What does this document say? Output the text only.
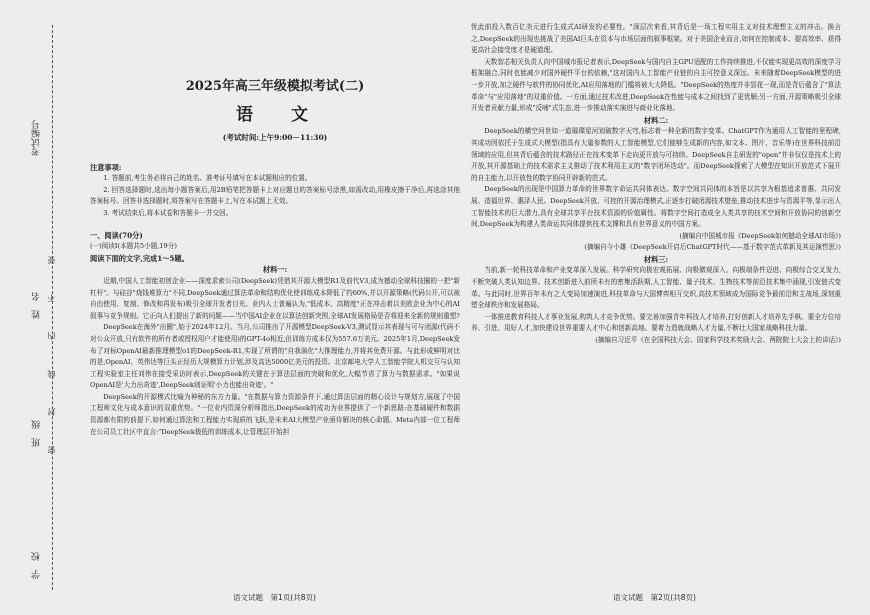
考试编号
姓　名
班　级
学　校
要
不
内
线
封
密
2025年高三年级模拟考试(二)
语 文
(考试时间:上午9:00－11:30)

注意事项:

1. 答题前,考生务必将自己的姓名、准考证号填写在本试题相应的位置。

2. 回答选择题时,选出每小题答案后,用2B铅笔把答题卡上对应题目的答案标号涂黑,如需改动,用橡皮擦干净后,再选涂其他答案标号。回答非选择题时,将答案写在答题卡上,写在本试题上无效。

3. 考试结束后,将本试卷和答题卡一并交回。

一、阅读(70分)

(一)阅读Ⅰ(本题共5小题,19分)

阅读下面的文字,完成1～5题。

材料一:

近期,中国人工智能初创企业——深度求索公司(DeepSeek)凭借其开源大模型R1及前代V3,成为撼动全球科技圈的一把"新杠杆"。与硅谷"烧钱堆算力"不同,DeepSeek通过算法革命和结构优化使训练成本降低了约60%,并以开源策略(代码公开,可以被自由使用、复制、修改和再发布)吸引全球开发者目光。业内人士普遍认为,"低成本、高精度"正在冲击着以美欧企业为中心的AI叙事与竞争规则。它正向人们提出了新的问题——当中国AI企业在以算法创新突围,全球AI发展格局是否将迎来全新的规则重塑?

DeepSeek在海外"出圈",始于2024年12月。当月,公司推出了开源模型DeepSeek-V3,测试显示其表现与可与闭源(代码不对公众开放,只有软件的所有者或授权用户才能使用)的GPT-4o相近,但训练方成本仅为557.6万美元。2025年1月,DeepSeek发布了对标OpenAI最新推理模型o1的DeepSeek-R1,实现了所谓的"自我演化"大推理能力,并将其免费开源。与此形成鲜明对比的是,OpenAI、英伟达等巨头正经历大规模算力计划,涉及高达5000亿美元的投资。北京邮电大学人工智能学院人机交互与认知工程实验室主任刘伟在接受采访时表示,DeepSeek的关键在于算法层面的突破和优化,大幅节省了算力与数据需求。"如果说OpenAI是'大力出奇迹',DeepSeek则证明'小力也能出奇迹'。"

DeepSeek的开源模式比喻为神秘的东方力量。"在数据与算力资源条件下,通过算法层面的精心设计与规划方,展现了中国工程师文化与成本意识的双重优势。"一位业内资深分析师指出,DeepSeek的成功为业界提供了一个新思路:在基础硬件和数据资源都有限的前提下,如何通过算法和工程能力实现质的飞跃,是未来AI大模型产业亟待解决的核心命题。Meta内部一位工程师在公司员工社区中直言:"DeepSeek极低的训练成本,让管理层开始担

忧此前投入数百亿美元进行生成式AI研发的必要性。"深层次来看,其背后是一场工程实用主义对技术理想主义的冲击。换言之,DeepSeek的出现也挑战了美国AI巨头在资本与市场层面的叙事框架。对于美国企业而言,如何在控制成本、提高效率、获得更高社会接受度才是硬道理。

天数智芯相关负责人向中国城市报记者表示,DeepSeek与国内自主GPU适配的工作持续推进,不仅能实现更高效的深度学习框架融合,同时也能减少对国外硬件平台的依赖,"这对国内人工智能产业链的自主可控意义深远。未来随着DeepSeek模型的进一步开放,加之硬件与软件的协同优化,AI应用落地的门槛将被大大降低。"DeepSeek的热度并非昙花一现,而是背后蕴含了"算法革命"与"应用落地"的双重价值。一方面,通过技术改进,DeepSeek在性能与成本之间找到了更优解;另一方面,开源策略吸引全球开发者贡献力量,形成"反哺"式生态,进一步推动落实演进与商业化落地。

材料二:

DeepSeek的横空问世如一道璀璨星河划破数字天穹,标志着一种全新的数字变革。ChatGPT作为通用人工智能的里程碑,其成功因依托于生成式大模型(指具有大量参数的人工智能模型,它们能够生成新的内容,如文本、图片、音乐等)在世界科技前沿领域的应用,但其背后蕴含的技术路径正在技术变革下走向更开放与可持续。DeepSeek自主研发的"open"并非仅仅是技术上的开放,其开源基础上的技术需求主义推动了技术利用主义的"数字闭环迭动"。而DeepSeek探索了大模型在知识开放范式下展开的自主能力,以开放性的数字协同开辟新的范式。

DeepSeek的出现是中国算力革命的世界数字命运共同体表达。数字空间共同体的本旨是以共享为根基追求普惠、共同发展、造福世界、惠泽人民。DeepSeek开放、可控的开源治理模式,正逐步打破闭源技术壁垒,推动技术进步与资源平等,显示出人工智能技术的巨大潜力,具有全球共享平台技术资源的价值属性。将数字空间打造成全人类共享的技术空间和开放协同的创新空间,DeepSeek为构建人类命运共同体提供技术支撑和具有世界意义的中国方案。

(摘编自中国城市报《DeepSeek如何撼动全球AI市场》)

(摘编自今小雄《DeepSeek开启后ChatGPT时代——基于数字范式革新及其运演哲思》)

材料三:

当前,新一轮科技革命和产业变革深入发展。科学研究向极宏观拓展、向极微观深入、向极端条件迈进、向极综合交叉发力,不断突破人类认知边界。技术创新进入前所未有的密集活跃期,人工智能、量子技术、生物技术等前沿技术集中涌现,引发链式变革。与此同时,世界百年未有之大变局加速演进,科技革命与大国博弈相互交织,高技术领域成为国际竞争最前沿和主战场,深刻重塑全球秩序和发展格局。

一体推进教育科技人才事业发展,构筑人才竞争优势。要完善加强青年科技人才培养,打好创新人才培养先手棋。要全方位培养、引进、用好人才,加快建设世界重要人才中心和创新高地。要着力造就战略人才力量,不断壮大国家战略科技力量。

(摘编自习近平《在全国科技大会、国家科学技术奖励大会、两院院士大会上的讲话》)

语文试题　第1页(共8页)	语文试题　第2页(共8页)
